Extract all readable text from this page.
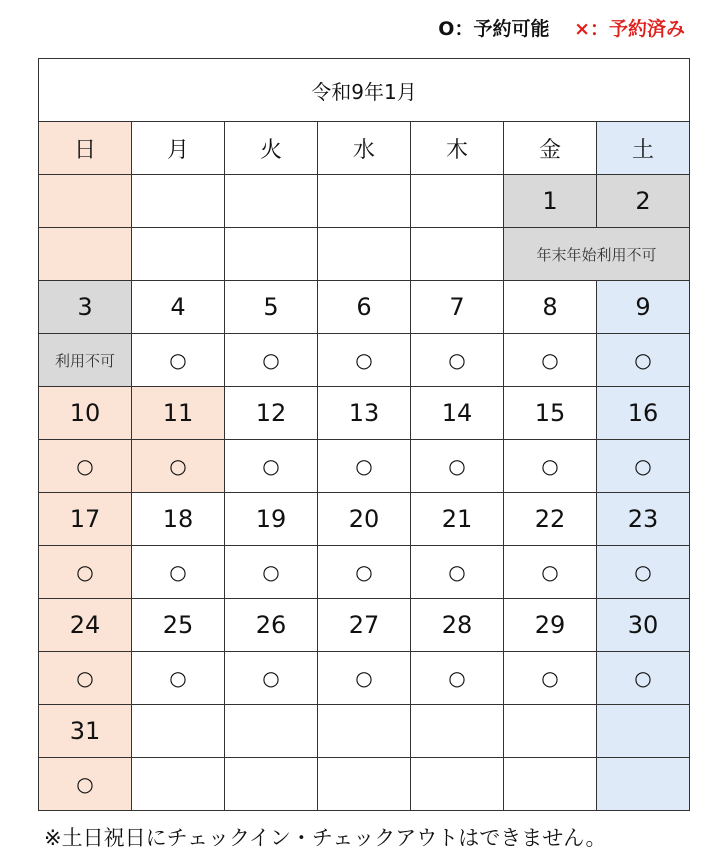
O：予約可能 ×：予約済み
令和9年1月						
日	月	火	水	木	金	土
					1	2
					年末年始利用不可	
3	4	5	6	7	8	9
利用不可	○	○	○	○	○	○
10	11	12	13	14	15	16
○	○	○	○	○	○	○
17	18	19	20	21	22	23
○	○	○	○	○	○	○
24	25	26	27	28	29	30
○	○	○	○	○	○	○
31						
○						
※土日祝日にチェックイン・チェックアウトはできません。
